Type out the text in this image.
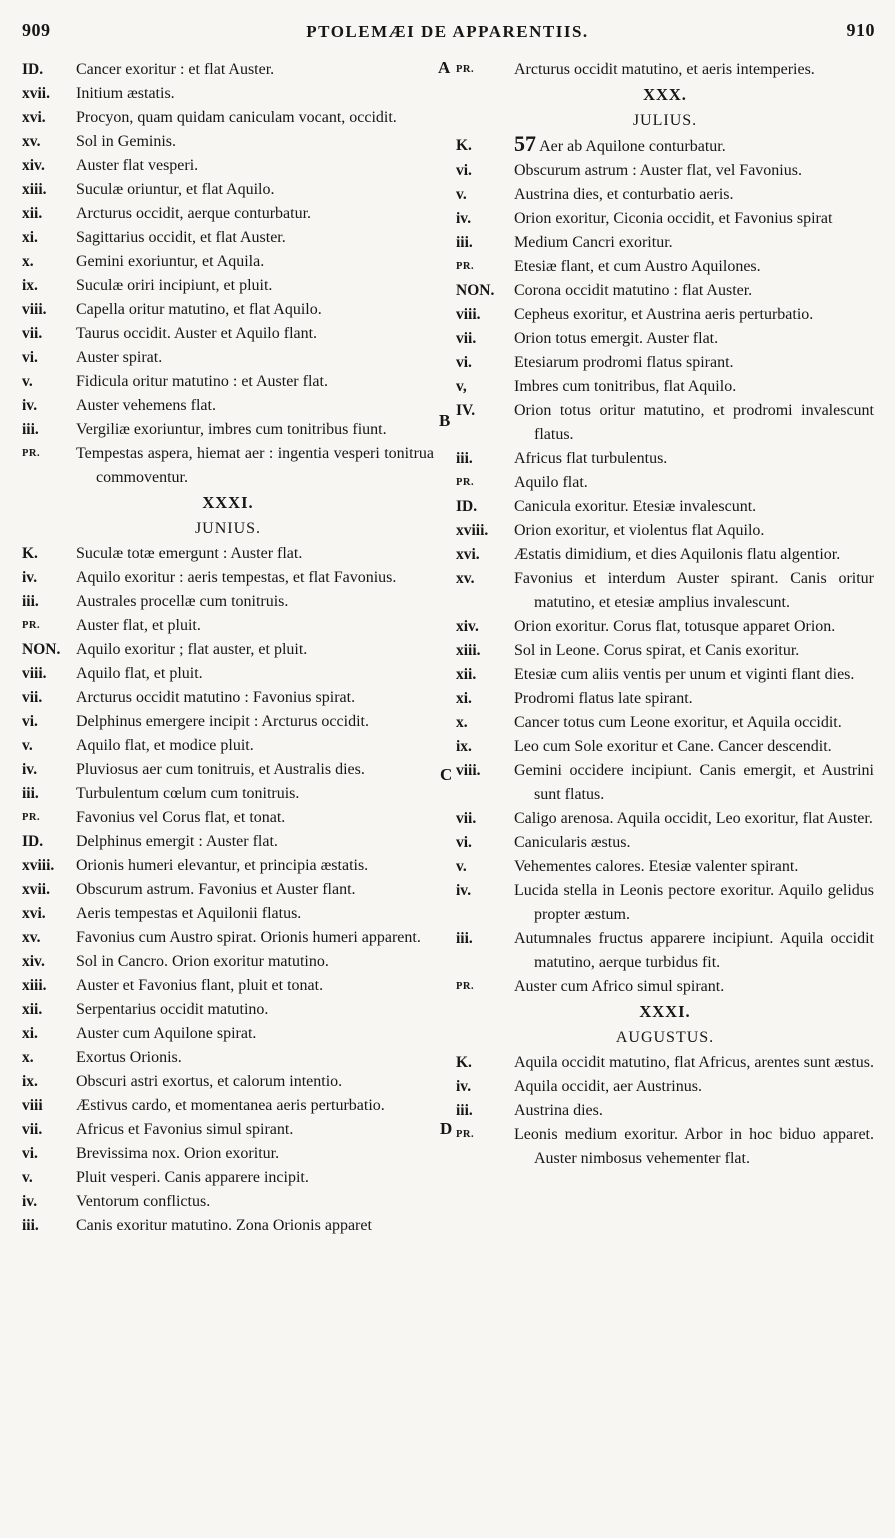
909	PTOLEMÆI DE APPARENTIIS.	910
A
B
C
D
ID.	Cancer exoritur : et flat Auster.
xvii.	Initium æstatis.
xvi.	Procyon, quam quidam caniculam vocant, occidit.
xv.	Sol in Geminis.
xiv.	Auster flat vesperi.
xiii.	Suculæ oriuntur, et flat Aquilo.
xii.	Arcturus occidit, aerque conturbatur.
xi.	Sagittarius occidit, et flat Auster.
x.	Gemini exoriuntur, et Aquila.
ix.	Suculæ oriri incipiunt, et pluit.
viii.	Capella oritur matutino, et flat Aquilo.
vii.	Taurus occidit. Auster et Aquilo flant.
vi.	Auster spirat.
v.	Fidicula oritur matutino : et Auster flat.
iv.	Auster vehemens flat.
iii.	Vergiliæ exoriuntur, imbres cum tonitribus fiunt.
PR.	Tempestas aspera, hiemat aer : ingentia vesperi tonitrua commoventur.
XXXI.
JUNIUS.
K.	Suculæ totæ emergunt : Auster flat.
iv.	Aquilo exoritur : aeris tempestas, et flat Favonius.
iii.	Australes procellæ cum tonitruis.
PR.	Auster flat, et pluit.
NON. Aquilo exoritur ; flat auster, et pluit.
viii.	Aquilo flat, et pluit.
vii.	Arcturus occidit matutino : Favonius spirat.
vi.	Delphinus emergere incipit : Arcturus occidit.
v.	Aquilo flat, et modice pluit.
iv.	Pluviosus aer cum tonitruis, et Australis dies.
iii.	Turbulentum cœlum cum tonitruis.
PR.	Favonius vel Corus flat, et tonat.
ID.	Delphinus emergit : Auster flat.
xviii.	Orionis humeri elevantur, et principia æstatis.
xvii.	Obscurum astrum. Favonius et Auster flant.
xvi.	Aeris tempestas et Aquilonii flatus.
xv.	Favonius cum Austro spirat. Orionis humeri apparent.
xiv.	Sol in Cancro. Orion exoritur matutino.
xiii.	Auster et Favonius flant, pluit et tonat.
xii.	Serpentarius occidit matutino.
xi.	Auster cum Aquilone spirat.
x.	Exortus Orionis.
ix.	Obscuri astri exortus, et calorum intentio.
viii	Æstivus cardo, et momentanea aeris perturbatio.
vii.	Africus et Favonius simul spirant.
vi.	Brevissima nox. Orion exoritur.
v.	Pluit vesperi. Canis apparere incipit.
iv.	Ventorum conflictus.
iii.	Canis exoritur matutino. Zona Orionis apparet
PR.	Arcturus occidit matutino, et aeris intemperies.
XXX.
JULIUS.
K.	57 Aer ab Aquilone conturbatur.
vi.	Obscurum astrum : Auster flat, vel Favonius.
v.	Austrina dies, et conturbatio aeris.
iv.	Orion exoritur, Ciconia occidit, et Favonius spirat
iii.	Medium Cancri exoritur.
PR.	Etesiæ flant, et cum Austro Aquilones.
NON.	Corona occidit matutino : flat Auster.
viii.	Cepheus exoritur, et Austrina aeris perturbatio.
vii.	Orion totus emergit. Auster flat.
vi.	Etesiarum prodromi flatus spirant.
v,	Imbres cum tonitribus, flat Aquilo.
IV.	Orion totus oritur matutino, et prodromi invalescunt flatus.
iii.	Africus flat turbulentus.
PR.	Aquilo flat.
ID.	Canicula exoritur. Etesiæ invalescunt.
xviii.	Orion exoritur, et violentus flat Aquilo.
xvi.	Æstatis dimidium, et dies Aquilonis flatu algentior.
xv.	Favonius et interdum Auster spirant. Canis oritur matutino, et etesiæ amplius invalescunt.
xiv.	Orion exoritur. Corus flat, totusque apparet Orion.
xiii.	Sol in Leone. Corus spirat, et Canis exoritur.
xii.	Etesiæ cum aliis ventis per unum et viginti flant dies.
xi.	Prodromi flatus late spirant.
x.	Cancer totus cum Leone exoritur, et Aquila occidit.
ix.	Leo cum Sole exoritur et Cane. Cancer descendit.
viii.	Gemini occidere incipiunt. Canis emergit, et Austrini sunt flatus.
vii.	Caligo arenosa. Aquila occidit, Leo exoritur, flat Auster.
vi.	Canicularis æstus.
v.	Vehementes calores. Etesiæ valenter spirant.
iv.	Lucida stella in Leonis pectore exoritur. Aquilo gelidus propter æstum.
iii.	Autumnales fructus apparere incipiunt. Aquila occidit matutino, aerque turbidus fit.
PR.	Auster cum Africo simul spirant.
XXXI.
AUGUSTUS.
K.	Aquila occidit matutino, flat Africus, arentes sunt æstus.
iv.	Aquila occidit, aer Austrinus.
iii.	Austrina dies.
PR.	Leonis medium exoritur. Arbor in hoc biduo apparet. Auster nimbosus vehementer flat.
